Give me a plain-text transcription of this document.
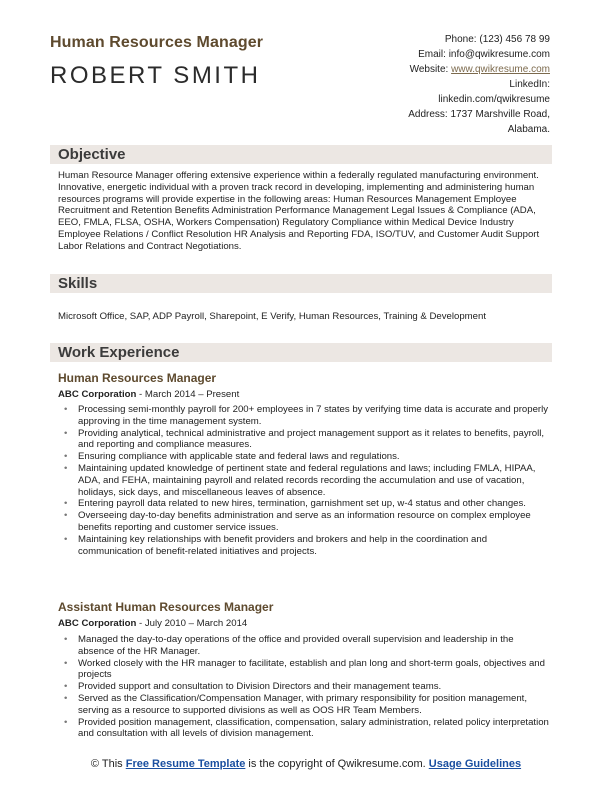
Human Resources Manager
ROBERT SMITH
Phone: (123) 456 78 99
Email: info@qwikresume.com
Website: www.qwikresume.com
LinkedIn:
linkedin.com/qwikresume
Address: 1737 Marshville Road,
Alabama.
Objective
Human Resource Manager offering extensive experience within a federally regulated manufacturing environment. Innovative, energetic individual with a proven track record in developing, implementing and administering human resources programs will provide expertise in the following areas: Human Resources Management Employee Recruitment and Retention Benefits Administration Performance Management Legal Issues & Compliance (ADA, EEO, FMLA, FLSA, OSHA, Workers Compensation) Regulatory Compliance within Medical Device Industry Employee Relations / Conflict Resolution HR Analysis and Reporting FDA, ISO/TUV, and Customer Audit Support Labor Relations and Contract Negotiations.
Skills
Microsoft Office, SAP, ADP Payroll, Sharepoint, E Verify, Human Resources, Training & Development
Work Experience
Human Resources Manager
ABC Corporation - March 2014 – Present
• Processing semi-monthly payroll for 200+ employees in 7 states by verifying time data is accurate and properly approving in the time management system.
• Providing analytical, technical administrative and project management support as it relates to benefits, payroll, and reporting and compliance measures.
• Ensuring compliance with applicable state and federal laws and regulations.
• Maintaining updated knowledge of pertinent state and federal regulations and laws; including FMLA, HIPAA, ADA, and FEHA, maintaining payroll and related records recording the accumulation and use of vacation, holidays, sick days, and miscellaneous leaves of absence.
• Entering payroll data related to new hires, termination, garnishment set up, w-4 status and other changes.
• Overseeing day-to-day benefits administration and serve as an information resource on complex employee benefits reporting and customer service issues.
• Maintaining key relationships with benefit providers and brokers and help in the coordination and communication of benefit-related initiatives and projects.
Assistant Human Resources Manager
ABC Corporation - July 2010 – March 2014
• Managed the day-to-day operations of the office and provided overall supervision and leadership in the absence of the HR Manager.
• Worked closely with the HR manager to facilitate, establish and plan long and short-term goals, objectives and projects
• Provided support and consultation to Division Directors and their management teams.
• Served as the Classification/Compensation Manager, with primary responsibility for position management, serving as a resource to supported divisions as well as OOS HR Team Members.
• Provided position management, classification, compensation, salary administration, related policy interpretation and consultation with all levels of division management.
© This Free Resume Template is the copyright of Qwikresume.com. Usage Guidelines
